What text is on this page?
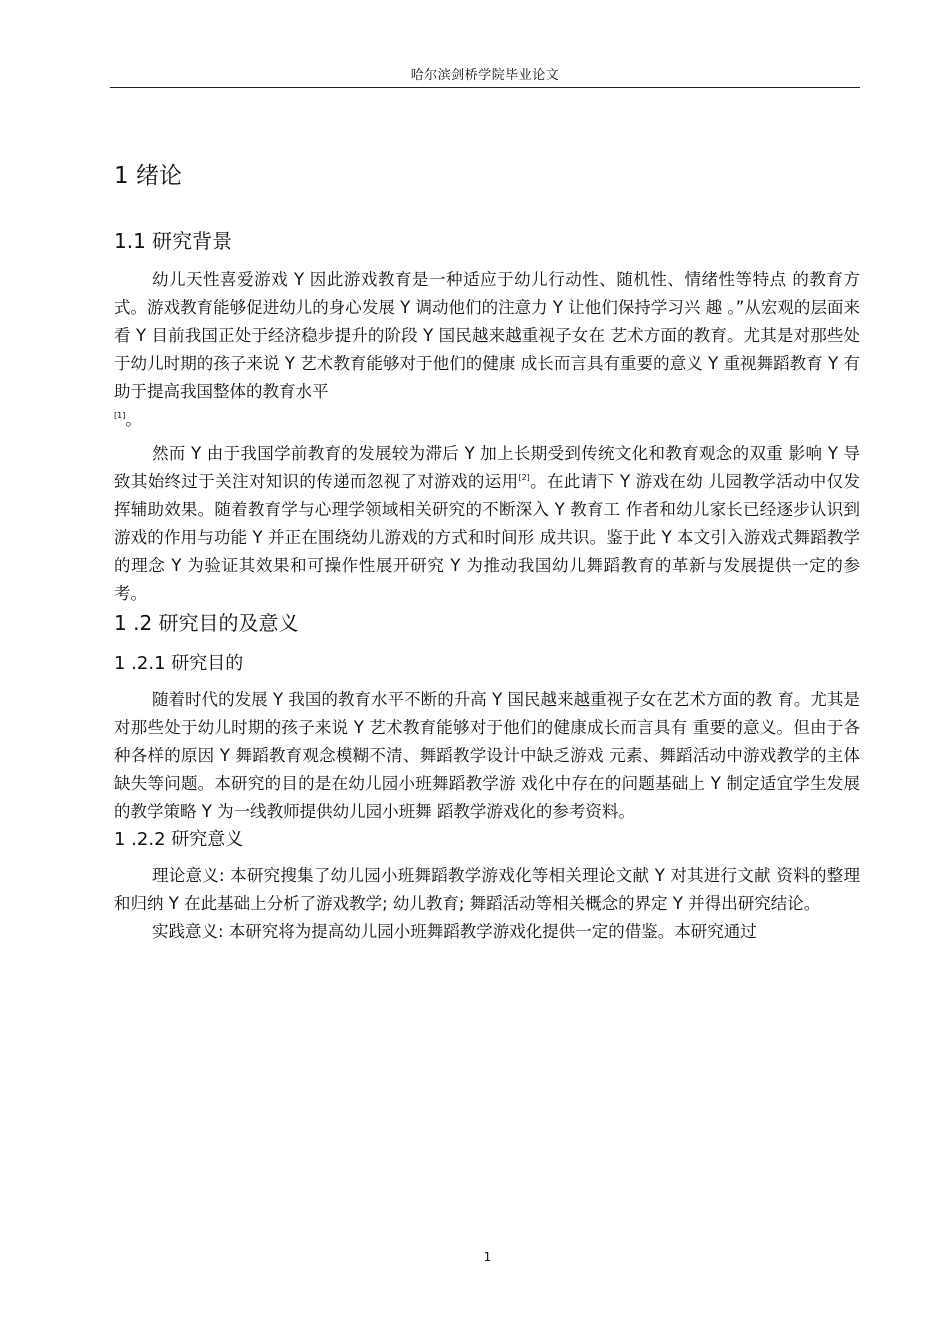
哈尔滨剑桥学院毕业论文
1 绪论
1.1 研究背景

幼儿天性喜爱游戏 Y 因此游戏教育是一种适应于幼儿行动性、随机性、情绪性等特点 的教育方式。游戏教育能够促进幼儿的身心发展 Y 调动他们的注意力 Y 让他们保持学习兴 趣 。”从宏观的层面来看 Y 目前我国正处于经济稳步提升的阶段 Y 国民越来越重视子女在 艺术方面的教育。尤其是对那些处于幼儿时期的孩子来说 Y 艺术教育能够对于他们的健康 成长而言具有重要的意义 Y 重视舞蹈教育 Y 有助于提高我国整体的教育水平
[1]。

然而 Y 由于我国学前教育的发展较为滞后 Y 加上长期受到传统文化和教育观念的双重 影响 Y 导致其始终过于关注对知识的传递而忽视了对游戏的运用[2]。在此请下 Y 游戏在幼 儿园教学活动中仅发挥辅助效果。随着教育学与心理学领域相关研究的不断深入 Y 教育工 作者和幼儿家长已经逐步认识到游戏的作用与功能 Y 并正在围绕幼儿游戏的方式和时间形 成共识。鉴于此 Y 本文引入游戏式舞蹈教学的理念 Y 为验证其效果和可操作性展开研究 Y 为推动我国幼儿舞蹈教育的革新与发展提供一定的参考。

1 .2 研究目的及意义
1 .2.1 研究目的

随着时代的发展 Y 我国的教育水平不断的升高 Y 国民越来越重视子女在艺术方面的教 育。尤其是对那些处于幼儿时期的孩子来说 Y 艺术教育能够对于他们的健康成长而言具有 重要的意义。但由于各种各样的原因 Y 舞蹈教育观念模糊不清、舞蹈教学设计中缺乏游戏 元素、舞蹈活动中游戏教学的主体缺失等问题。本研究的目的是在幼儿园小班舞蹈教学游 戏化中存在的问题基础上 Y 制定适宜学生发展的教学策略 Y 为一线教师提供幼儿园小班舞 蹈教学游戏化的参考资料。

1 .2.2 研究意义

理论意义: 本研究搜集了幼儿园小班舞蹈教学游戏化等相关理论文献 Y 对其进行文献 资料的整理和归纳 Y 在此基础上分析了游戏教学; 幼儿教育; 舞蹈活动等相关概念的界定 Y 并得出研究结论。

实践意义: 本研究将为提高幼儿园小班舞蹈教学游戏化提供一定的借鉴。本研究通过

1
